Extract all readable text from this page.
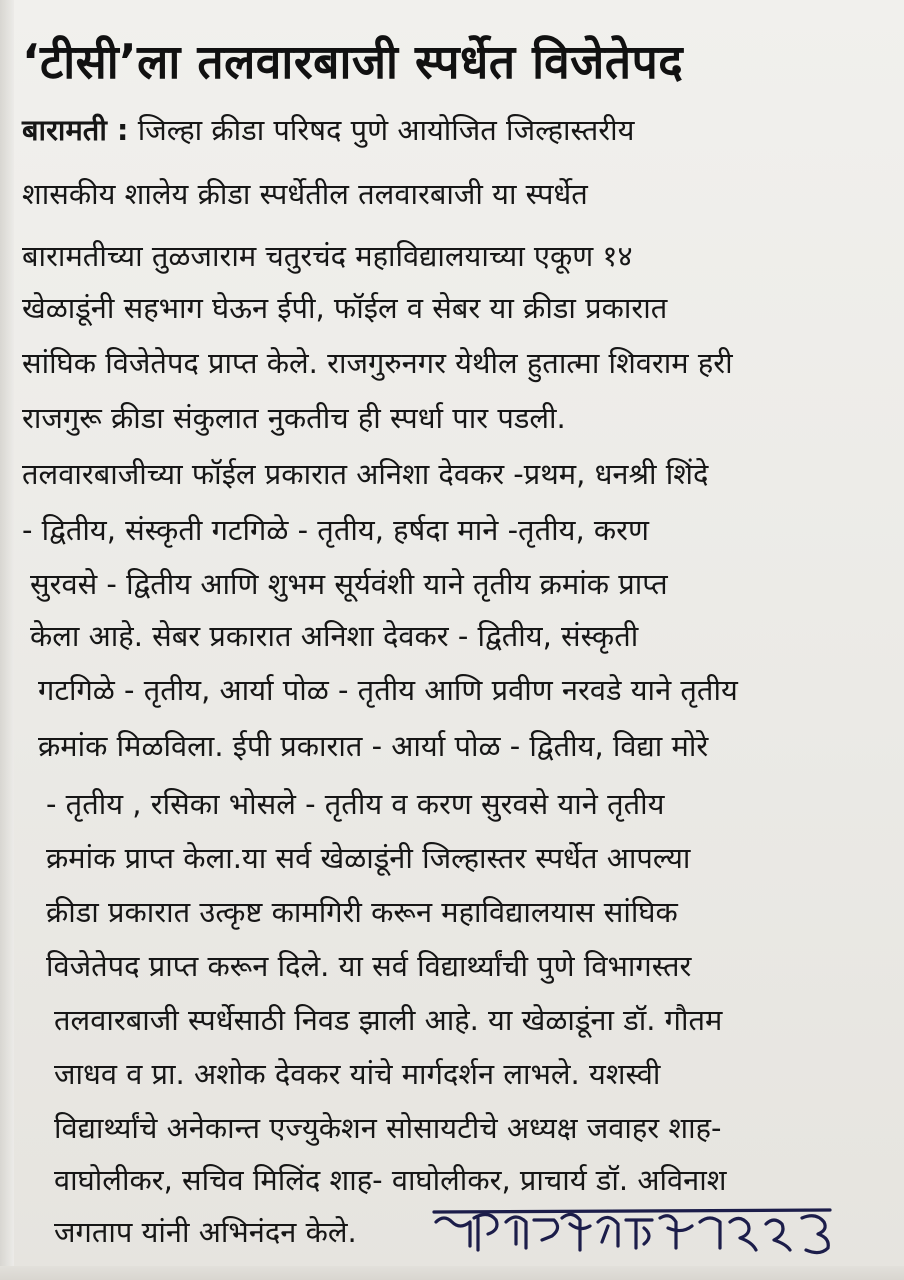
‘टीसी’ला तलवारबाजी स्पर्धेत विजेतेपद
बारामती : जिल्हा क्रीडा परिषद पुणे आयोजित जिल्हास्तरीय

शासकीय शालेय क्रीडा स्पर्धेतील तलवारबाजी या स्पर्धेत

बारामतीच्या तुळजाराम चतुरचंद महाविद्यालयाच्या एकूण १४

खेळाडूंनी सहभाग घेऊन ईपी, फॉईल व सेबर या क्रीडा प्रकारात

सांघिक विजेतेपद प्राप्त केले. राजगुरुनगर येथील हुतात्मा शिवराम हरी

राजगुरू क्रीडा संकुलात नुकतीच ही स्पर्धा पार पडली.

तलवारबाजीच्या फॉईल प्रकारात अनिशा देवकर -प्रथम, धनश्री शिंदे

- द्वितीय, संस्कृती गटगिळे - तृतीय, हर्षदा माने -तृतीय, करण

सुरवसे - द्वितीय आणि शुभम सूर्यवंशी याने तृतीय क्रमांक प्राप्त

केला आहे. सेबर प्रकारात अनिशा देवकर - द्वितीय, संस्कृती

गटगिळे - तृतीय, आर्या पोळ - तृतीय आणि प्रवीण नरवडे याने तृतीय

क्रमांक मिळविला. ईपी प्रकारात - आर्या पोळ - द्वितीय, विद्या मोरे

- तृतीय , रसिका भोसले - तृतीय व करण सुरवसे याने तृतीय

क्रमांक प्राप्त केला.या सर्व खेळाडूंनी जिल्हास्तर स्पर्धेत आपल्या

क्रीडा प्रकारात उत्कृष्ट कामगिरी करून महाविद्यालयास सांघिक

विजेतेपद प्राप्त करून दिले. या सर्व विद्यार्थ्यांची पुणे विभागस्तर

तलवारबाजी स्पर्धेसाठी निवड झाली आहे. या खेळाडूंना डॉ. गौतम

जाधव व प्रा. अशोक देवकर यांचे मार्गदर्शन लाभले. यशस्वी

विद्यार्थ्यांचे अनेकान्त एज्युकेशन सोसायटीचे अध्यक्ष जवाहर शाह-

वाघोलीकर, सचिव मिलिंद शाह- वाघोलीकर, प्राचार्य डॉ. अविनाश

जगताप यांनी अभिनंदन केले.
